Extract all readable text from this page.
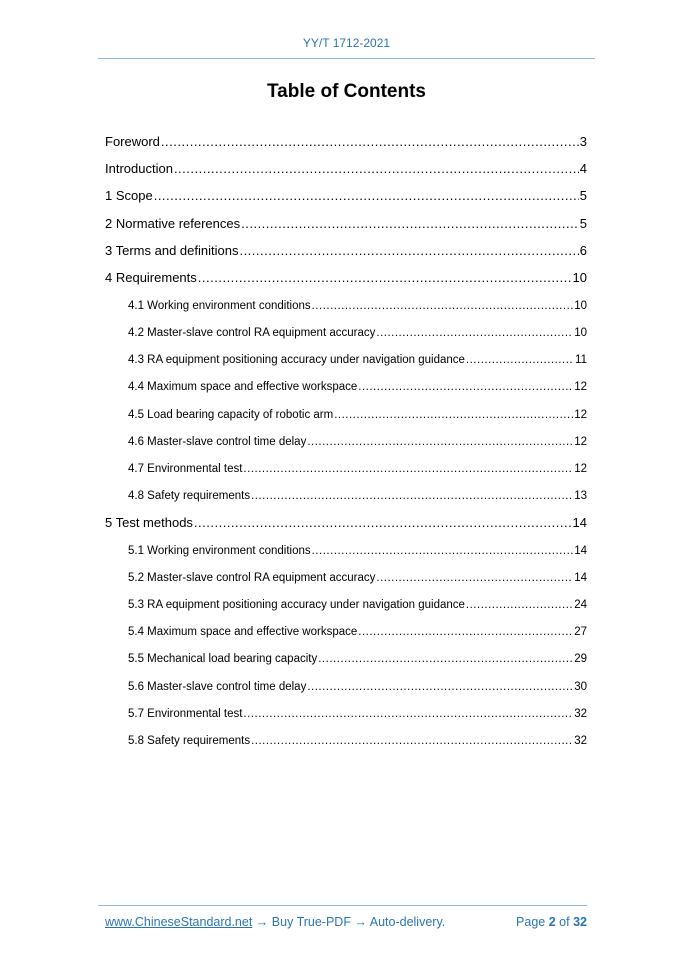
YY/T 1712-2021
Table of Contents
Foreword .....	3
Introduction .....	4
1 Scope .....	5
2 Normative references .....	5
3 Terms and definitions .....	6
4 Requirements .....	10
4.1 Working environment conditions .....	10
4.2 Master-slave control RA equipment accuracy .....	10
4.3 RA equipment positioning accuracy under navigation guidance .....	11
4.4 Maximum space and effective workspace .....	12
4.5 Load bearing capacity of robotic arm .....	12
4.6 Master-slave control time delay .....	12
4.7 Environmental test .....	12
4.8 Safety requirements .....	13
5 Test methods .....	14
5.1 Working environment conditions .....	14
5.2 Master-slave control RA equipment accuracy .....	14
5.3 RA equipment positioning accuracy under navigation guidance .....	24
5.4 Maximum space and effective workspace .....	27
5.5 Mechanical load bearing capacity .....	29
5.6 Master-slave control time delay .....	30
5.7 Environmental test .....	32
5.8 Safety requirements .....	32
www.ChineseStandard.net → Buy True-PDF → Auto-delivery.	Page 2 of 32
